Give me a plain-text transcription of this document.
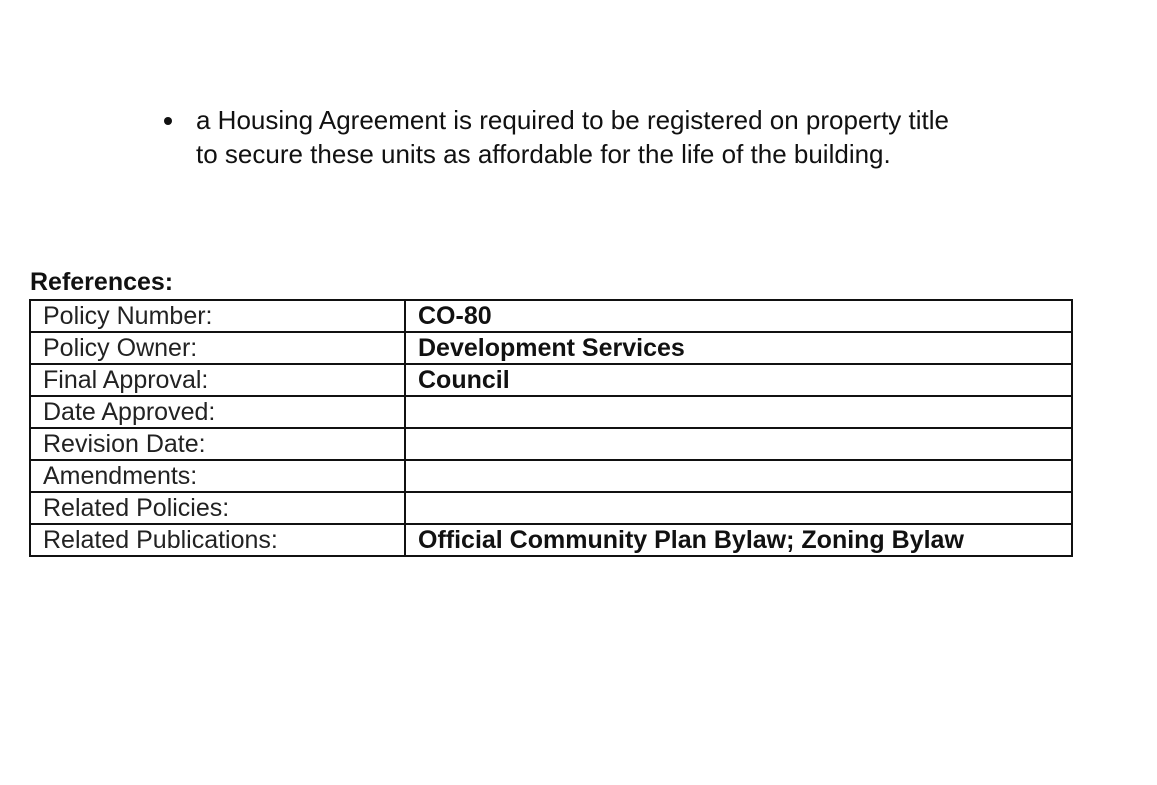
a Housing Agreement is required to be registered on property title
to secure these units as affordable for the life of the building.
References:
Policy Number:	CO-80
Policy Owner:	Development Services
Final Approval:	Council
Date Approved:	
Revision Date:	
Amendments:	
Related Policies:	
Related Publications:	Official Community Plan Bylaw; Zoning Bylaw
